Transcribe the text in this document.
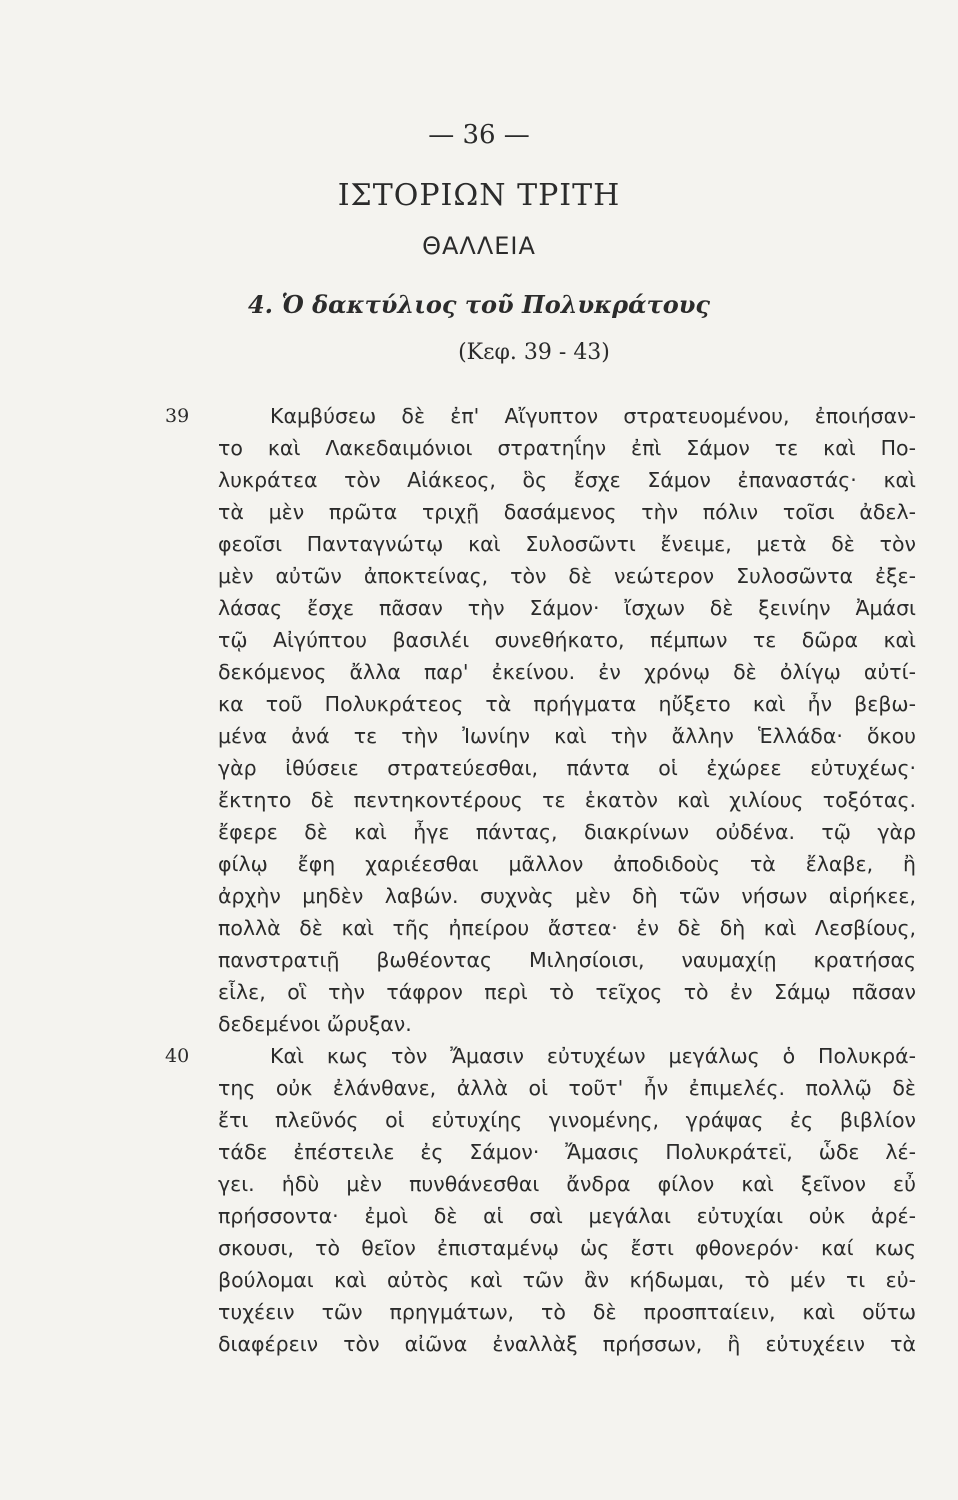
— 36 —
ΙΣΤΟΡΙΩΝ ΤΡΙΤΗ
ΘΑΛΛΕΙΑ
4. Ὁ δακτύλιος τοῦ Πολυκράτους
(Κεφ. 39 - 43)
39	Καμβύσεω δὲ ἐπ' Αἴγυπτον στρατευομένου, ἐποιήσαν-
το καὶ Λακεδαιμόνιοι στρατηΐην ἐπὶ Σάμον τε καὶ Πο-
λυκράτεα τὸν Αἰάκεος, ὃς ἔσχε Σάμον ἐπαναστάς· καὶ
τὰ μὲν πρῶτα τριχῇ δασάμενος τὴν πόλιν τοῖσι ἀδελ-
φεοῖσι Πανταγνώτῳ καὶ Συλοσῶντι ἔνειμε, μετὰ δὲ τὸν
μὲν αὐτῶν ἀποκτείνας, τὸν δὲ νεώτερον Συλοσῶντα ἐξε-
λάσας ἔσχε πᾶσαν τὴν Σάμον· ἴσχων δὲ ξεινίην Ἀμάσι
τῷ Αἰγύπτου βασιλέι συνεθήκατο, πέμπων τε δῶρα καὶ
δεκόμενος ἄλλα παρ' ἐκείνου. ἐν χρόνῳ δὲ ὀλίγῳ αὐτί-
κα τοῦ Πολυκράτεος τὰ πρήγματα ηὔξετο καὶ ἦν βεβω-
μένα ἀνά τε τὴν Ἰωνίην καὶ τὴν ἄλλην Ἑλλάδα· ὅκου
γὰρ ἰθύσειε στρατεύεσθαι, πάντα οἱ ἐχώρεε εὐτυχέως·
ἔκτητο δὲ πεντηκοντέρους τε ἑκατὸν καὶ χιλίους τοξότας.
ἔφερε δὲ καὶ ἦγε πάντας, διακρίνων οὐδένα. τῷ γὰρ
φίλῳ ἔφη χαριέεσθαι μᾶλλον ἀποδιδοὺς τὰ ἔλαβε, ἢ
ἀρχὴν μηδὲν λαβών. συχνὰς μὲν δὴ τῶν νήσων αἱρήκεε,
πολλὰ δὲ καὶ τῆς ἠπείρου ἄστεα· ἐν δὲ δὴ καὶ Λεσβίους,
πανστρατιῇ βωθέοντας Μιλησίοισι, ναυμαχίῃ κρατήσας
εἷλε, οἳ τὴν τάφρον περὶ τὸ τεῖχος τὸ ἐν Σάμῳ πᾶσαν
δεδεμένοι ὤρυξαν.
40	Καὶ κως τὸν Ἄμασιν εὐτυχέων μεγάλως ὁ Πολυκρά-
της οὐκ ἐλάνθανε, ἀλλὰ οἱ τοῦτ' ἦν ἐπιμελές. πολλῷ δὲ
ἔτι πλεῦνός οἱ εὐτυχίης γινομένης, γράψας ἐς βιβλίον
τάδε ἐπέστειλε ἐς Σάμον· Ἄμασις Πολυκράτεϊ, ὧδε λέ-
γει. ἡδὺ μὲν πυνθάνεσθαι ἄνδρα φίλον καὶ ξεῖνον εὖ
πρήσσοντα· ἐμοὶ δὲ αἱ σαὶ μεγάλαι εὐτυχίαι οὐκ ἀρέ-
σκουσι, τὸ θεῖον ἐπισταμένῳ ὡς ἔστι φθονερόν· καί κως
βούλομαι καὶ αὐτὸς καὶ τῶν ἂν κήδωμαι, τὸ μέν τι εὐ-
τυχέειν τῶν πρηγμάτων, τὸ δὲ προσπταίειν, καὶ οὕτω
διαφέρειν τὸν αἰῶνα ἐναλλὰξ πρήσσων, ἢ εὐτυχέειν τὰ
